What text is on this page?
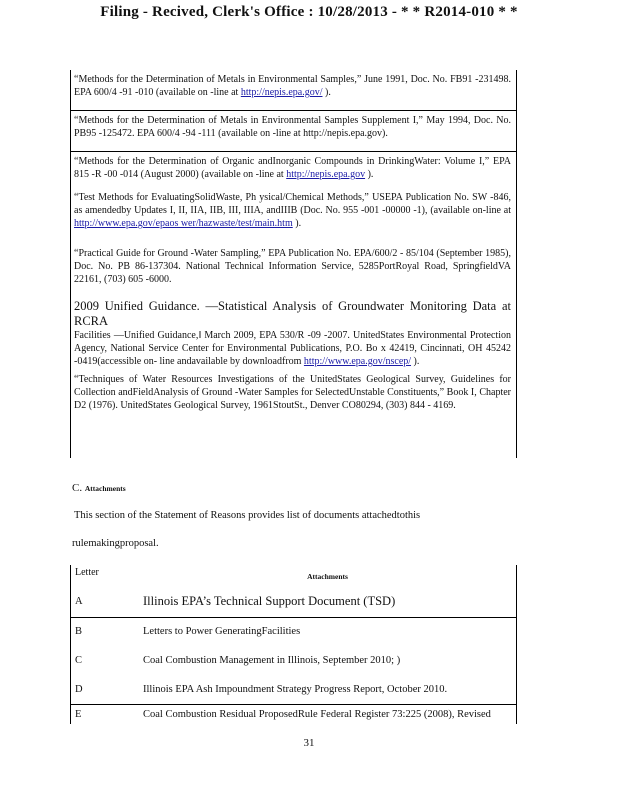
Filing - Recived, Clerk's Office : 10/28/2013 - * * R2014-010 * *
“Methods for the Determination of Metals in Environmental Samples,” June 1991, Doc. No. FB91 -231498. EPA 600/4 -91 -010 (available on -line at http://nepis.epa.gov/ ).
“Methods for the Determination of Metals in Environmental Samples Supplement I,” May 1994, Doc. No. PB95 -125472. EPA 600/4 -94 -111 (available on -line at http://nepis.epa.gov).
“Methods for the Determination of Organic andInorganic Compounds in DrinkingWater: Volume I,” EPA 815 -R -00 -014 (August 2000) (available on -line at http://nepis.epa.gov ).
“Test Methods for EvaluatingSolidWaste, Ph ysical/Chemical Methods,” USEPA Publication No. SW -846, as amendedby Updates I, II, IIA, IIB, III, IIIA, andIIIB (Doc. No. 955 -001 -00000 -1), (available on-line at http://www.epa.gov/epaos wer/hazwaste/test/main.htm ).
“Practical Guide for Ground -Water Sampling,” EPA Publication No. EPA/600/2 - 85/104 (September 1985), Doc. No. PB 86-137304. National Technical Information Service, 5285PortRoyal Road, SpringfieldVA 22161, (703) 605 -6000.
2009 Unified Guidance. —Statistical Analysis of Groundwater Monitoring Data at RCRA
Facilities —Unified Guidance,‖ March 2009, EPA 530/R -09 -2007. UnitedStates Environmental Protection Agency, National Service Center for Environmental Publications, P.O. Bo x 42419, Cincinnati, OH 45242 -0419(accessible on- line andavailable by downloadfrom http://www.epa.gov/nscep/ ).
“Techniques of Water Resources Investigations of the UnitedStates Geological Survey, Guidelines for Collection andFieldAnalysis of Ground -Water Samples for SelectedUnstable Constituents,” Book I, Chapter D2 (1976). UnitedStates Geological Survey, 1961StoutSt., Denver CO80294, (303) 844 - 4169.
C. Attachments
This section of the Statement of Reasons provides list of documents attachedtothis
rulemakingproposal.
Letter	Attachments
A	Illinois EPA’s Technical Support Document (TSD)
B	Letters to Power GeneratingFacilities
C	Coal Combustion Management in Illinois, September 2010; )
D	Illinois EPA Ash Impoundment Strategy Progress Report, October 2010.
E	Coal Combustion Residual ProposedRule Federal Register 73:225 (2008), Revised
31
